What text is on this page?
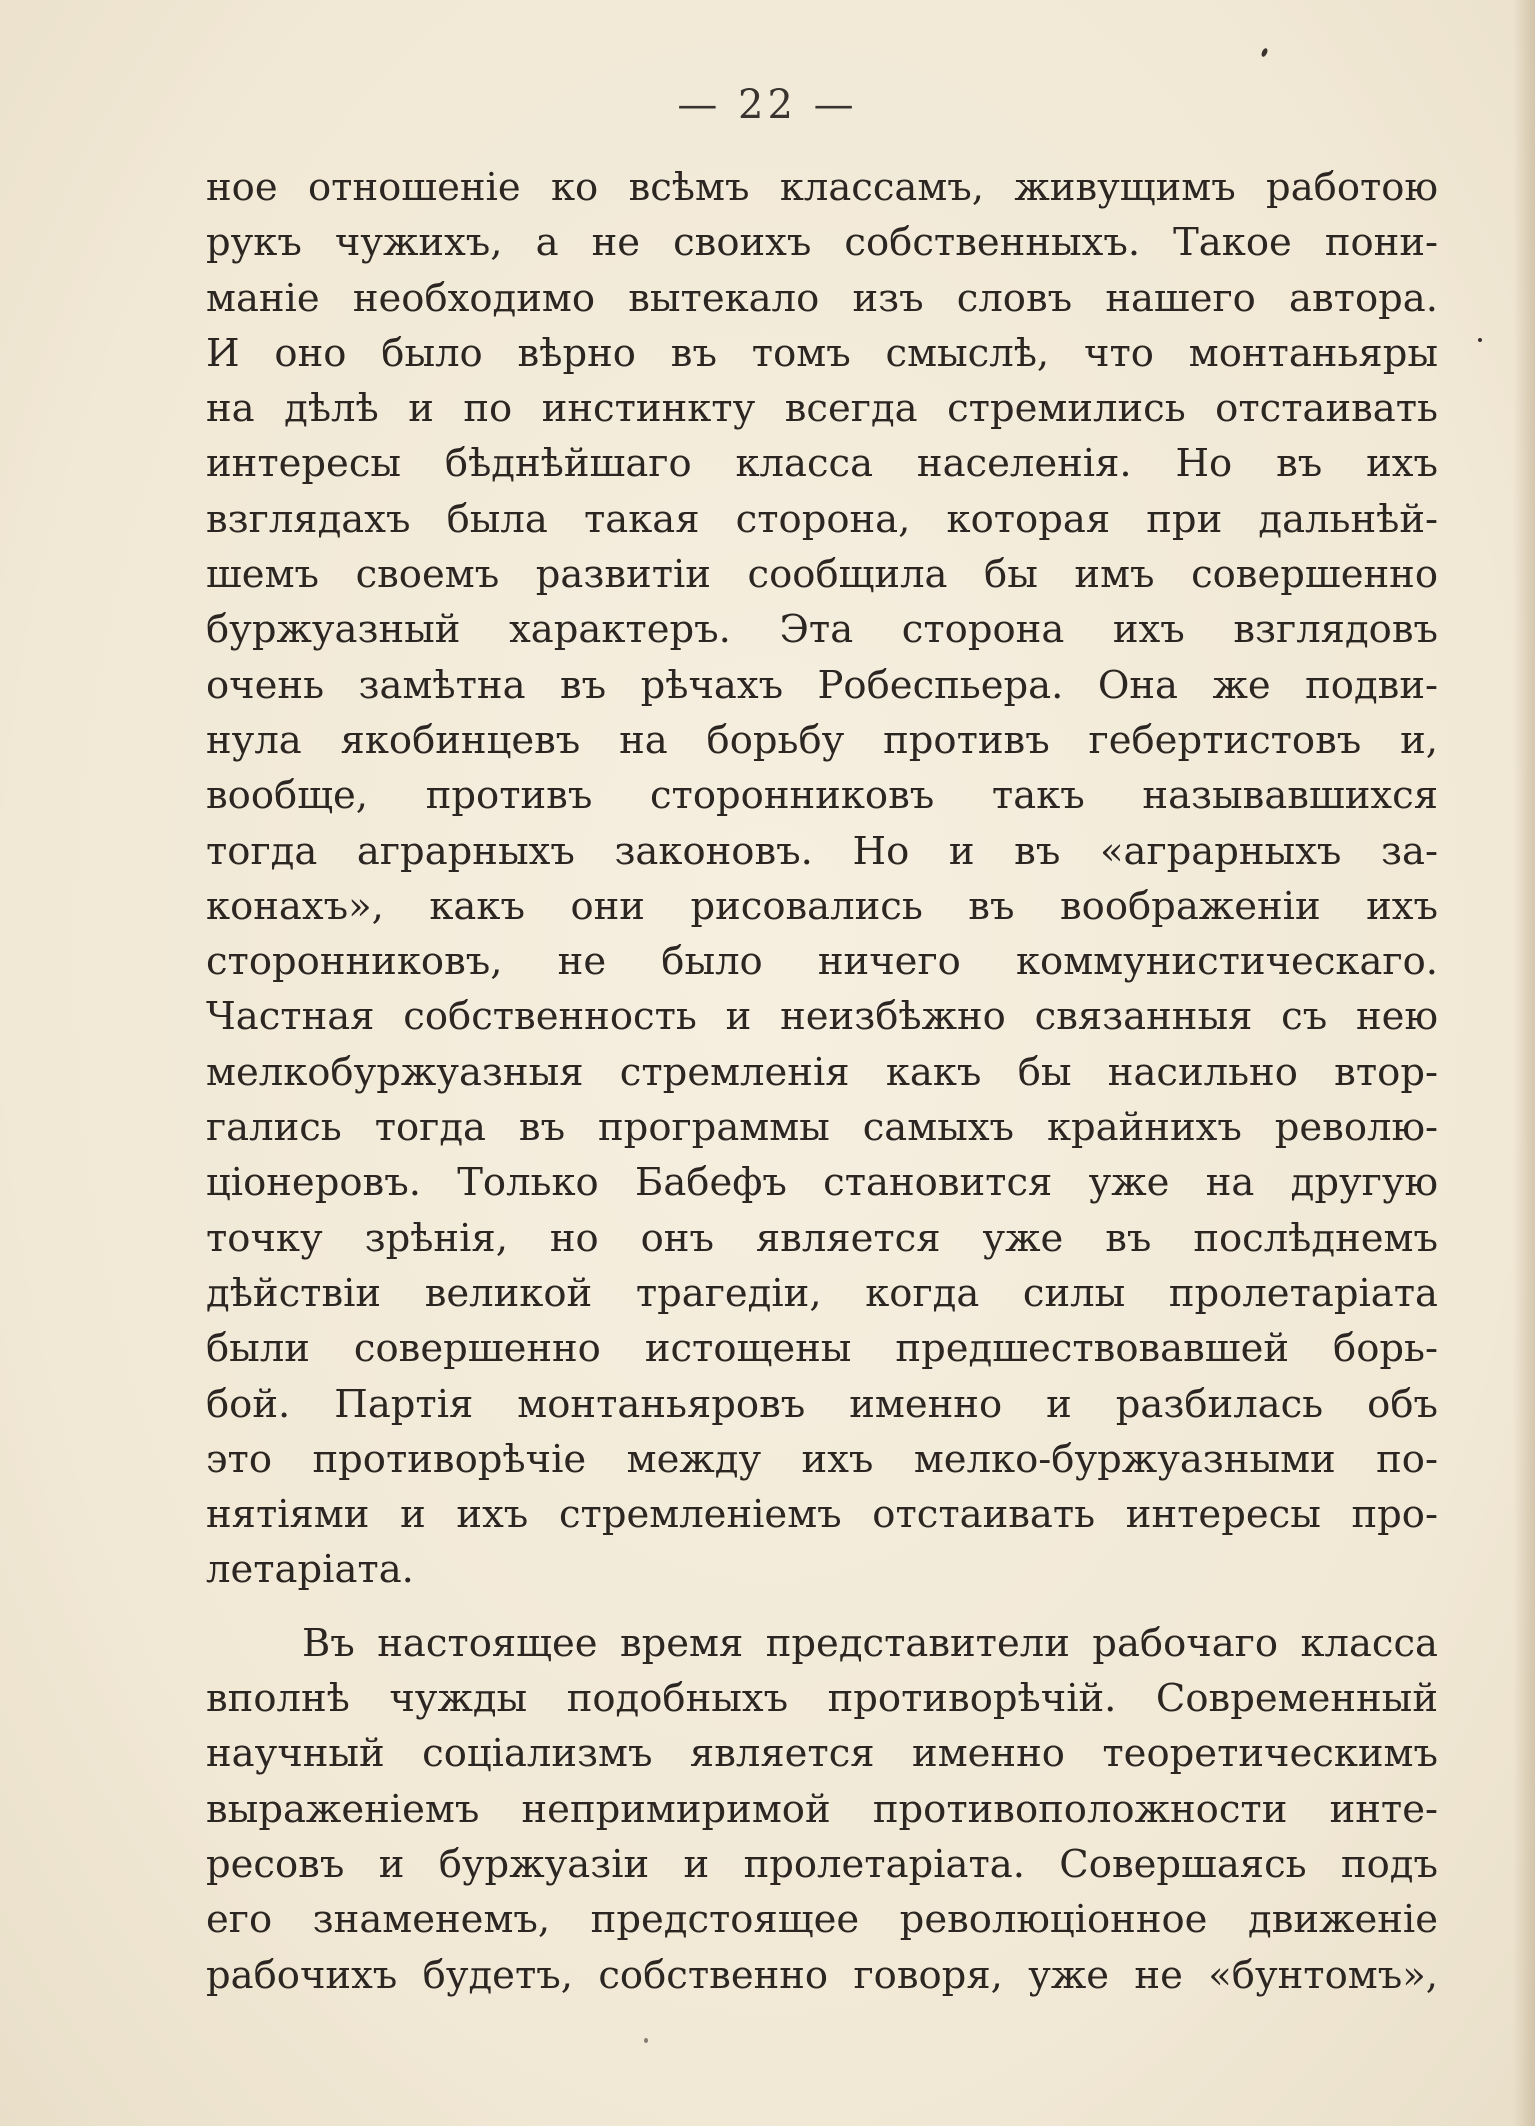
— 22 —
ное отношеніе ко всѣмъ классамъ, живущимъ работою
рукъ чужихъ, а не своихъ собственныхъ. Такое пони-
маніе необходимо вытекало изъ словъ нашего автора.
И оно было вѣрно въ томъ смыслѣ, что монтаньяры
на дѣлѣ и по инстинкту всегда стремились отстаивать
интересы бѣднѣйшаго класса населенія. Но въ ихъ
взглядахъ была такая сторона, которая при дальнѣй-
шемъ своемъ развитіи сообщила бы имъ совершенно
буржуазный характеръ. Эта сторона ихъ взглядовъ
очень замѣтна въ рѣчахъ Робеспьера. Она же подви-
нула якобинцевъ на борьбу противъ гебертистовъ и,
вообще, противъ сторонниковъ такъ называвшихся
тогда аграрныхъ законовъ. Но и въ «аграрныхъ за-
конахъ», какъ они рисовались въ воображеніи ихъ
сторонниковъ, не было ничего коммунистическаго.
Частная собственность и неизбѣжно связанныя съ нею
мелкобуржуазныя стремленія какъ бы насильно втор-
гались тогда въ программы самыхъ крайнихъ револю-
ціонеровъ. Только Бабефъ становится уже на другую
точку зрѣнія, но онъ является уже въ послѣднемъ
дѣйствіи великой трагедіи, когда силы пролетаріата
были совершенно истощены предшествовавшей борь-
бой. Партія монтаньяровъ именно и разбилась объ
это противорѣчіе между ихъ мелко-буржуазными по-
нятіями и ихъ стремленіемъ отстаивать интересы про-
летаріата.
Въ настоящее время представители рабочаго класса
вполнѣ чужды подобныхъ противорѣчій. Современный
научный соціализмъ является именно теоретическимъ
выраженіемъ непримиримой противоположности инте-
ресовъ и буржуазіи и пролетаріата. Совершаясь подъ
его знаменемъ, предстоящее революціонное движеніе
рабочихъ будетъ, собственно говоря, уже не «бунтомъ»,
